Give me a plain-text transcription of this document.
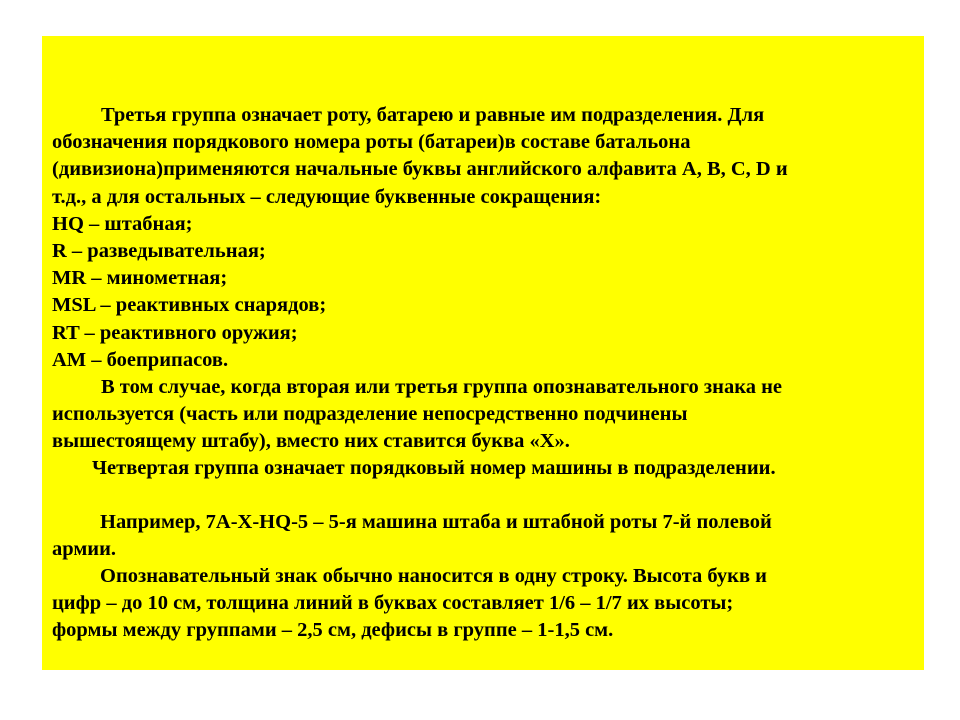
Третья группа означает роту, батарею и равные им подразделения. Для
обозначения порядкового номера роты (батареи)в составе батальона
(дивизиона)применяются начальные буквы английского алфавита A, B, C, D и
т.д., а для остальных – следующие буквенные сокращения:
HQ – штабная;
R – разведывательная;
MR – минометная;
MSL – реактивных снарядов;
RT – реактивного оружия;
AM – боеприпасов.
В том случае, когда вторая или третья группа опознавательного знака не
используется (часть или подразделение непосредственно подчинены
вышестоящему штабу), вместо них ставится буква «X».
Четвертая группа означает порядковый номер машины в подразделении.
Например, 7A-X-HQ-5 – 5-я машина штаба и штабной роты 7-й полевой
армии.
Опознавательный знак обычно наносится в одну строку. Высота букв и
цифр – до 10 см, толщина линий в буквах составляет 1/6 – 1/7 их высоты;
формы между группами – 2,5 см, дефисы в группе – 1-1,5 см.
